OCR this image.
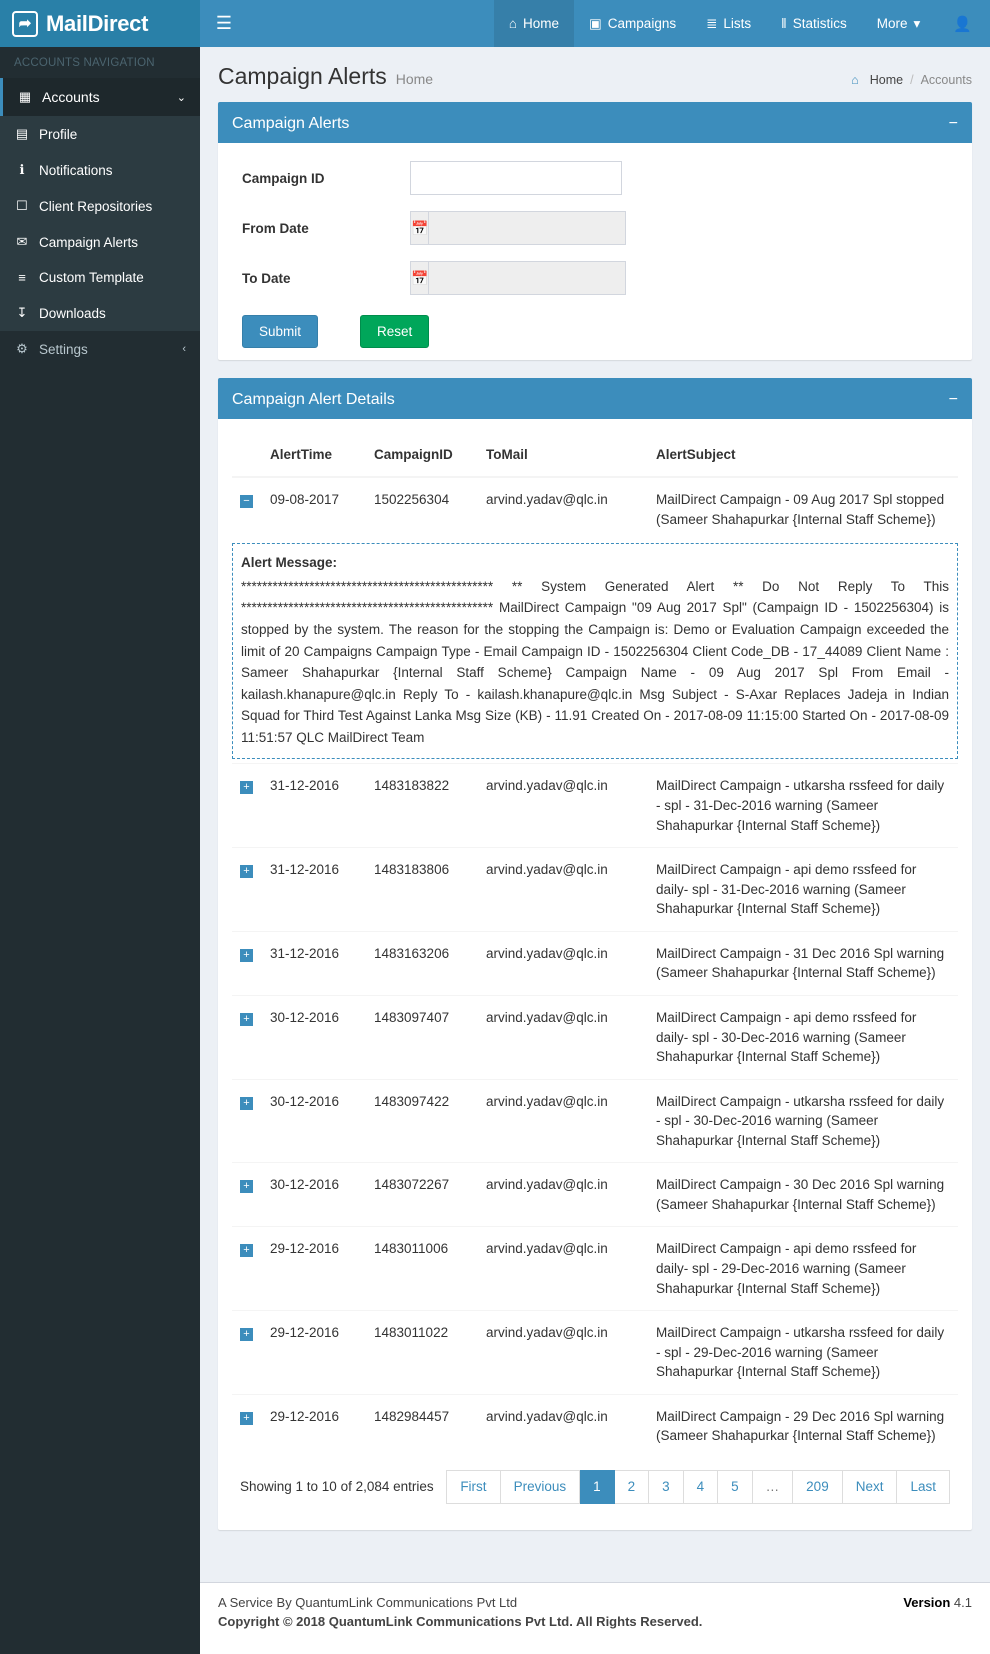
➦ MailDirect	☰	⌂ Home ▣ Campaigns ≣ Lists ‖ Statistics More ▾ 👤
ACCOUNTS NAVIGATION
▦ Accounts	⌄
▤ Profile
ℹ	Notifications
☐ Client Repositories
✉ Campaign Alerts
≡ Custom Template
↧ Downloads
⚙ Settings	‹
Campaign Alerts Home	⌂ Home / Accounts
Campaign Alerts	−
Campaign ID
From Date	📅
To Date	📅
Submit	Reset
Campaign Alert Details	−
	AlertTime	CampaignID	ToMail	AlertSubject
−	09-08-2017	1502256304	arvind.yadav@qlc.in	MailDirect Campaign - 09 Aug 2017 Spl stopped (Sameer Shahapurkar {Internal Staff Scheme})

Alert Message:
************************************************ ** System Generated Alert ** Do Not Reply To This ************************************************ MailDirect Campaign "09 Aug 2017 Spl" (Campaign ID - 1502256304) is stopped by the system. The reason for the stopping the Campaign is: Demo or Evaluation Campaign exceeded the limit of 20 Campaigns Campaign Type - Email Campaign ID - 1502256304 Client Code_DB - 17_44089 Client Name : Sameer Shahapurkar {Internal Staff Scheme} Campaign Name - 09 Aug 2017 Spl From Email - kailash.khanapure@qlc.in Reply To - kailash.khanapure@qlc.in Msg Subject - S-Axar Replaces Jadeja in Indian Squad for Third Test Against Lanka Msg Size (KB) - 11.91 Created On - 2017-08-09 11:15:00 Started On - 2017-08-09 11:51:57 QLC MailDirect Team				

+	31-12-2016	1483183822	arvind.yadav@qlc.in	MailDirect Campaign - utkarsha rssfeed for daily - spl - 31-Dec-2016 warning (Sameer Shahapurkar {Internal Staff Scheme})
+	31-12-2016	1483183806	arvind.yadav@qlc.in	MailDirect Campaign - api demo rssfeed for daily- spl - 31-Dec-2016 warning (Sameer Shahapurkar {Internal Staff Scheme})
+	31-12-2016	1483163206	arvind.yadav@qlc.in	MailDirect Campaign - 31 Dec 2016 Spl warning (Sameer Shahapurkar {Internal Staff Scheme})
+	30-12-2016	1483097407	arvind.yadav@qlc.in	MailDirect Campaign - api demo rssfeed for daily- spl - 30-Dec-2016 warning (Sameer Shahapurkar {Internal Staff Scheme})
+	30-12-2016	1483097422	arvind.yadav@qlc.in	MailDirect Campaign - utkarsha rssfeed for daily - spl - 30-Dec-2016 warning (Sameer Shahapurkar {Internal Staff Scheme})
+	30-12-2016	1483072267	arvind.yadav@qlc.in	MailDirect Campaign - 30 Dec 2016 Spl warning (Sameer Shahapurkar {Internal Staff Scheme})
+	29-12-2016	1483011006	arvind.yadav@qlc.in	MailDirect Campaign - api demo rssfeed for daily- spl - 29-Dec-2016 warning (Sameer Shahapurkar {Internal Staff Scheme})
+	29-12-2016	1483011022	arvind.yadav@qlc.in	MailDirect Campaign - utkarsha rssfeed for daily - spl - 29-Dec-2016 warning (Sameer Shahapurkar {Internal Staff Scheme})
+	29-12-2016	1482984457	arvind.yadav@qlc.in	MailDirect Campaign - 29 Dec 2016 Spl warning (Sameer Shahapurkar {Internal Staff Scheme})
Showing 1 to 10 of 2,084 entries	First	Previous	1	2	3	4	5	…	209	Next	Last
A Service By QuantumLink Communications Pvt Ltd	Version 4.1
Copyright © 2018 QuantumLink Communications Pvt Ltd. All Rights Reserved.
